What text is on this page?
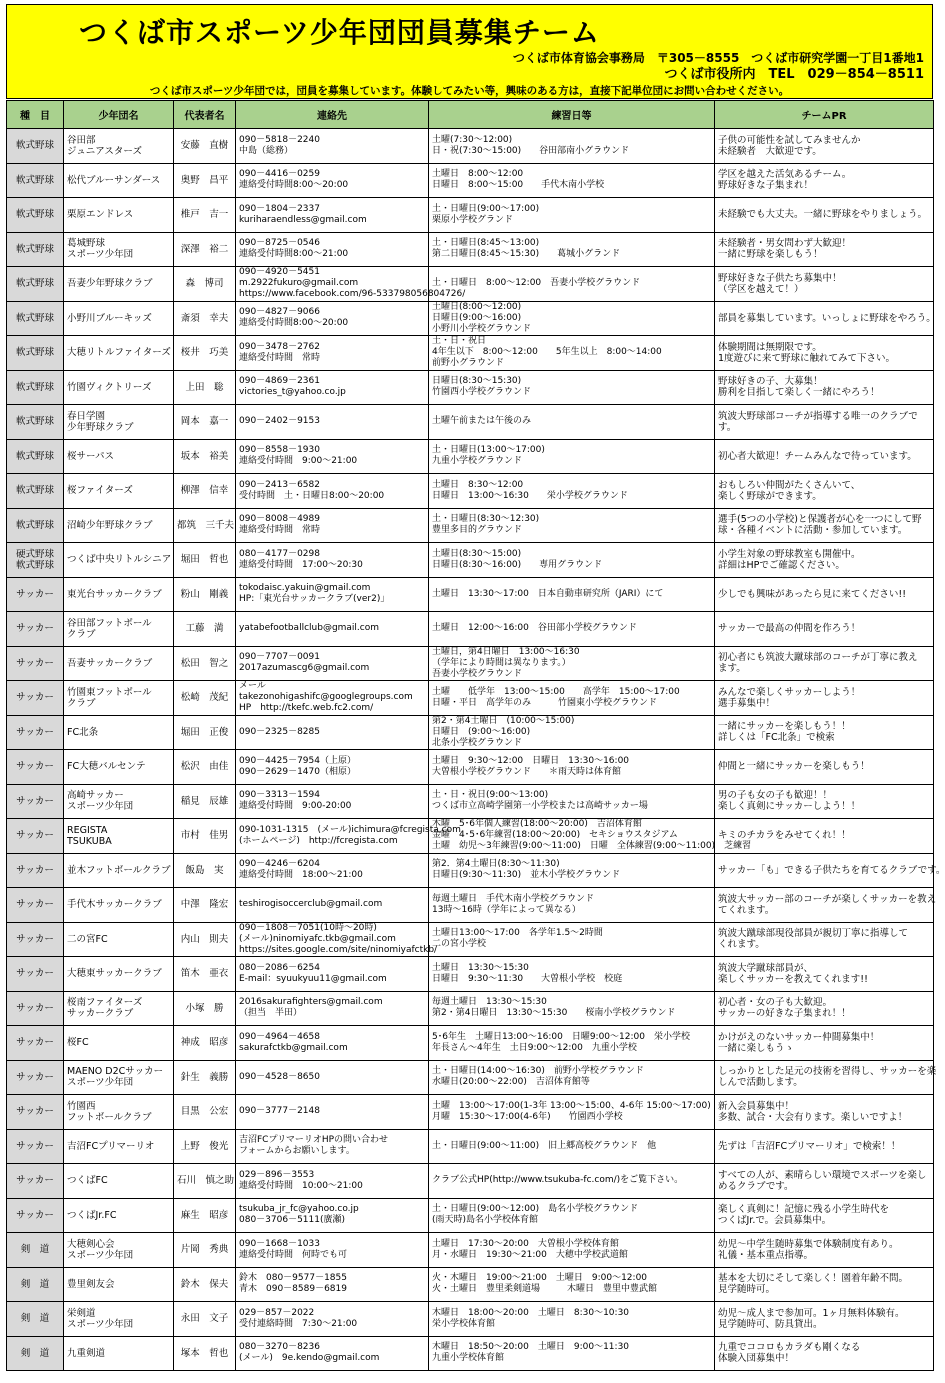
つくば市スポーツ少年団団員募集チーム
つくば市体育協会事務局　〒305－8555　つくば市研究学園一丁目1番地1
つくば市役所内　TEL　029－854－8511
つくば市スポーツ少年団では，団員を募集しています。体験してみたい等，興味のある方は，直接下記単位団にお問い合わせください。
種　目	少年団名	代表者名	連絡先	練習日等	チームPR

軟式野球	谷田部
ジュニアスターズ	安藤　直樹	090－5818－2240
中島（総務）	土曜(7:30～12:00)
日・祝(7:30～15:00)　　谷田部南小グラウンド	子供の可能性を試してみませんか
未経験者　大歓迎です。

軟式野球	松代ブルーサンダース	奥野　昌平	090－4416－0259
連絡受付時間8:00～20:00	土曜日　8:00～12:00
日曜日　8:00～15:00　　手代木南小学校	学区を越えた活気あるチーム。
野球好きな子集まれ！

軟式野球	栗原エンドレス	椎戸　吉一	090－1804－2337
kuriharaendless@gmail.com	土・日曜日(9:00～17:00)
栗原小学校グランド	未経験でも大丈夫。一緒に野球をやりましょう。

軟式野球	葛城野球
スポーツ少年団	深澤　裕二	090－8725－0546
連絡受付時間8:00～21:00	土・日曜日(8:45～13:00)
第二日曜日(8:45～15:30)　　葛城小グランド	未経験者・男女問わず大歓迎！
一緒に野球を楽しもう！

軟式野球	吾妻少年野球クラブ	森　博司	090－4920－5451
m.2922fukuro@gmail.com
https://www.facebook.com/96-533798056804726/	土・日曜日　8:00～12:00　吾妻小学校グラウンド	野球好きな子供たち募集中！
（学区を越えて！）

軟式野球	小野川ブルーキッズ	斎須　幸夫	090－4827－9066
連絡受付時間8:00～20:00	土曜日(8:00～12:00)
日曜日(9:00～16:00)
小野川小学校グラウンド	部員を募集しています。いっしょに野球をやろう。

軟式野球	大穂リトルファイターズ	桜井　巧美	090－3478－2762
連絡受付時間　常時	土・日・祝日
4年生以下　8:00～12:00　　5年生以上　8:00～14:00
前野小グラウンド	体験期間は無期限です。
1度遊びに来て野球に触れてみて下さい。

軟式野球	竹園ヴィクトリーズ	上田　聡	090－4869－2361
victories_t@yahoo.co.jp	日曜日(8:30～15:30)
竹園西小学校グラウンド	野球好きの子、大募集！
勝利を目指して楽しく一緒にやろう！

軟式野球	春日学園
少年野球クラブ	岡本　嘉一	090－2402－9153	土曜午前または午後のみ	筑波大野球部コーチが指導する唯一のクラブで
す。

軟式野球	桜サーパス	坂本　裕美	090－8558－1930
連絡受付時間　9:00～21:00	土・日曜日(13:00～17:00)
九重小学校グラウンド	初心者大歓迎！チームみんなで待っています。

軟式野球	桜ファイターズ	柳澤　信幸	090－2413－6582
受付時間　土・日曜日8:00～20:00	土曜日　8:30～12:00
日曜日　13:00～16:30　　栄小学校グラウンド	おもしろい仲間がたくさんいて、
楽しく野球ができます。

軟式野球	沼崎少年野球クラブ	都筑　三千夫	090－8008－4989
連絡受付時間　常時	土・日曜日(8:30～12:30)
豊里多目的グラウンド	選手(5つの小学校)と保護者が心を一つにして野
球・各種イベントに活動・参加しています。

硬式野球
軟式野球	つくば中央リトルシニア	堀田　哲也	080－4177－0298
連絡受付時間　17:00～20:30	土曜日(8:30～15:00)
日曜日(8:30～16:00)　　専用グラウンド	小学生対象の野球教室も開催中。
詳細はHPでご確認ください。

サッカー	東光台サッカークラブ	粉山　剛義	tokodaisc.yakuin@gmail.com
HP:「東光台サッカークラブ(ver2)」	土曜日　13:30～17:00　日本自動車研究所（JARI）にて	少しでも興味があったら見に来てください!!

サッカー	谷田部フットボール
クラブ	工藤　満	yatabefootballclub@gmail.com	土曜日　12:00～16:00　谷田部小学校グラウンド	サッカーで最高の仲間を作ろう！

サッカー	吾妻サッカークラブ	松田　智之	090－7707－0091
2017azumascg6@gmail.com	土曜日，第4日曜日　13:00～16:30
（学年により時間は異なります。）
吾妻小学校グラウンド	初心者にも筑波大蹴球部のコーチが丁寧に教え
ます。

サッカー	竹園東フットボール
クラブ	松崎　茂紀	メール
takezonohigashifc@googlegroups.com
HP　http://tkefc.web.fc2.com/	土曜　　低学年　13:00～15:00　　高学年　15:00～17:00
日曜・平日　高学年のみ　　　竹園東小学校グラウンド	みんなで楽しくサッカーしよう！
選手募集中！

サッカー	FC北条	堀田　正俊	090－2325－8285	第2・第4土曜日　(10:00～15:00)
日曜日　(9:00～16:00)
北条小学校グラウンド	一緒にサッカーを楽しもう！！
詳しくは「FC北条」で検索

サッカー	FC大穂バルセンテ	松沢　由佳	090－4425－7954（上原）
090－2629－1470（相原）	土曜日　9:30～12:00　日曜日　13:30～16:00
大曽根小学校グラウンド　　＊雨天時は体育館	仲間と一緒にサッカーを楽しもう！

サッカー	高崎サッカー
スポーツ少年団	稲見　辰雄	090－3313－1594
連絡受付時間　9:00-20:00	土・日・祝日(9:00～13:00)
つくば市立高崎学園第一小学校または高崎サッカー場	男の子も女の子も歓迎！！
楽しく真剣にサッカーしよう！！

サッカー	REGISTA
TSUKUBA	市村　佳男	090-1031-1315　(メール)ichimura@fcregista.com
(ホームページ)　http://fcregista.com	木曜　5･6年個人練習(18:00～20:00)　吉沼体育館
金曜　4･5･6年練習(18:00～20:00)　セキショウスタジアム
土曜　幼児～3年練習(9:00～11:00)　日曜　全体練習(9:00～11:00)　芝練習	キミのチカラをみせてくれ！！

サッカー	並木フットボールクラブ	飯島　実	090－4246－6204
連絡受付時間　18:00～21:00	第2．第4土曜日(8:30～11:30)
日曜日(9:30～11:30)　並木小学校グラウンド	サッカー「も」できる子供たちを育てるクラブです。

サッカー	手代木サッカークラブ	中澤　隆宏	teshirogisoccerclub@gmail.com	毎週土曜日　手代木南小学校グラウンド
13時～16時（学年によって異なる）	筑波大サッカー部のコーチが楽しくサッカーを教え
てくれます。

サッカー	二の宮FC	内山　則夫	090－1808－7051(10時～20時)
(メール)ninomiyafc.tkb@gmail.com
https://sites.google.com/site/ninomiyafctkb/	土曜日13:00～17:00　各学年1.5～2時間
二の宮小学校	筑波大蹴球部現役部員が親切丁寧に指導して
くれます。

サッカー	大穂東サッカークラブ	笛木　亜衣	080－2086－6254
E-mail：syuukyuu11@gmail.com	土曜日　13:30～15:30
日曜日　9:30～11:30　　大曽根小学校　校庭	筑波大学蹴球部員が、
楽しくサッカーを教えてくれます!!

サッカー	桜南ファイターズ
サッカークラブ	小塚　勝	2016sakurafighters@gmail.com
（担当　半田）	毎週土曜日　13:30～15:30
第2・第4日曜日　13:30～15:30　　桜南小学校グラウンド	初心者・女の子も大歓迎。
サッカーの好きな子集まれ！！

サッカー	桜FC	神成　昭彦	090－4964－4658
sakurafctkb@gmail.com	5･6年生　土曜日13:00～16:00　日曜9:00～12:00　栄小学校
年長さん～4年生　土日9:00～12:00　九重小学校	かけがえのないサッカー仲間募集中！
一緒に楽しもうゝ

サッカー	MAENO D2Cサッカー
スポーツ少年団	針生　義勝	090－4528－8650	土・日曜日(14:00～16:30)　前野小学校グラウンド
水曜日(20:00～22:00)　吉沼体育館等	しっかりとした足元の技術を習得し、サッカーを楽
しんで活動します。

サッカー	竹園西
フットボールクラブ	目黒　公宏	090－3777－2148	土曜　13:00～17:00(1-3年 13:00～15:00、4-6年 15:00～17:00)
月曜　15:30～17:00(4-6年)　　竹園西小学校	新入会員募集中！
多数、試合・大会有ります。楽しいですよ！

サッカー	吉沼FCプリマーリオ	上野　俊光	吉沼FCプリマーリオHPの問い合わせ
フォームからお願いします。	土・日曜日(9:00～11:00)　旧上郷高校グラウンド　他	先ずは「吉沼FCプリマーリオ」で検索！！

サッカー	つくばFC	石川　慎之助	029－896－3553
連絡受付時間　10:00～21:00	クラブ公式HP(http://www.tsukuba-fc.com/)をご覧下さい。	すべての人が、素晴らしい環境でスポーツを楽し
めるクラブです。

サッカー	つくばJr.FC	麻生　昭彦	tsukuba_jr_fc@yahoo.co.jp
080－3706－5111(廣瀬)	土・日曜日(9:00～12:00)　島名小学校グラウンド
(雨天時)島名小学校体育館	楽しく真剣に！記憶に残る小学生時代を
つくばJr.で。会員募集中。

剣　道	大穂剣心会
スポーツ少年団	片岡　秀典	090－1668－1033
連絡受付時間　何時でも可	土曜日　17:30～20:00　大曽根小学校体育館
月・水曜日　19:30～21:00　大穂中学校武道館	幼児～中学生随時募集で体験制度有あり。
礼儀・基本重点指導。

剣　道	豊里剣友会	鈴木　保夫	鈴木　080－9577－1855
青木　090－8589－6819	火・木曜日　19:00～21:00　土曜日　9:00～12:00
火・土曜日　豊里柔剣道場　　　木曜日　豊里中豊武館	基本を大切にそして楽しく！園着年齢不問。
見学随時可。

剣　道	栄剣道
スポーツ少年団	永田　文子	029－857－2022
受付連絡時間　7:30～21:00	木曜日　18:00～20:00　土曜日　8:30～10:30
栄小学校体育館	幼児～成人まで参加可。1ヶ月無料体験有。
見学随時可、防具貸出。

剣　道	九重剣道	塚本　哲也	080－3270－8236
(メール)　9e.kendo@gmail.com	木曜日　18:50～20:00　土曜日　9:00～11:30
九重小学校体育館	九重でココロもカラダも剛くなる
体験入団募集中！
